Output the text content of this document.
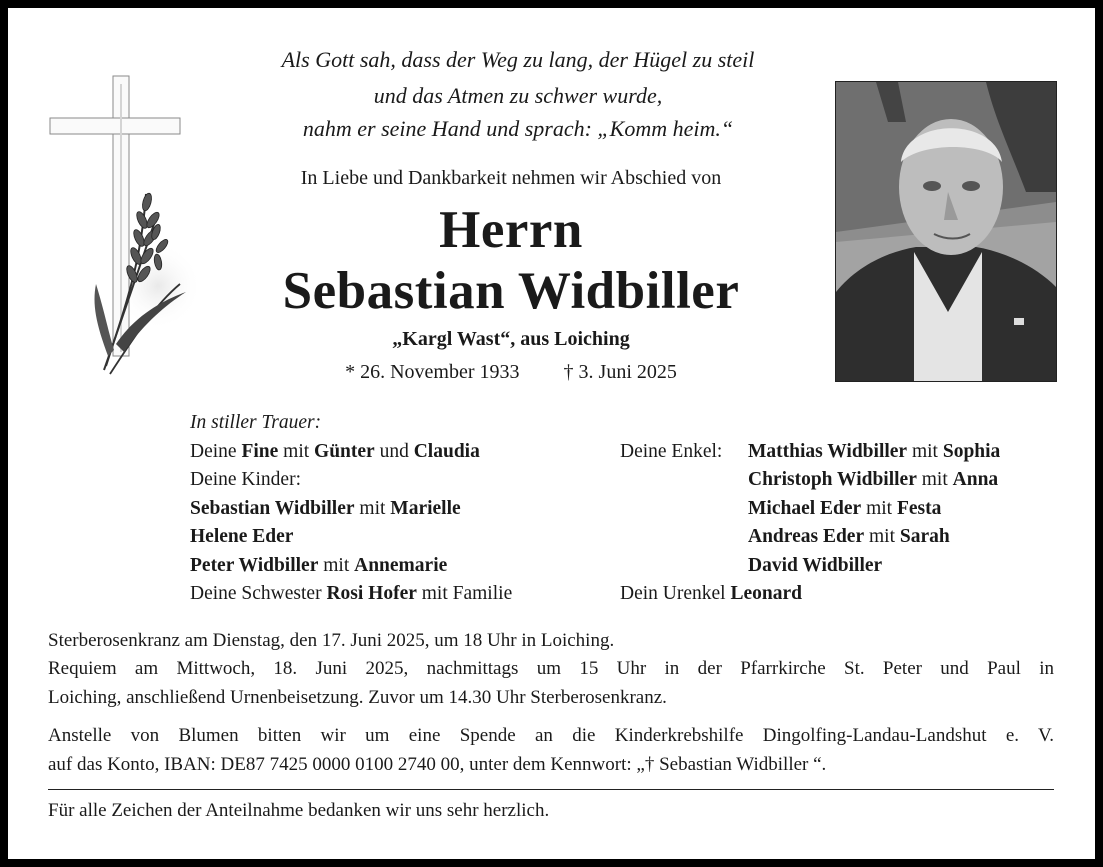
Als Gott sah, dass der Weg zu lang, der Hügel zu steil
und das Atmen zu schwer wurde,
nahm er seine Hand und sprach: „Komm heim.“
In Liebe und Dankbarkeit nehmen wir Abschied von
Herrn
Sebastian Widbiller
„Kargl Wast“, aus Loiching
* 26. November 1933 † 3. Juni 2025
In stiller Trauer:
Deine Fine mit Günter und Claudia
Deine Kinder:
Sebastian Widbiller mit Marielle
Helene Eder
Peter Widbiller mit Annemarie
Deine Schwester Rosi Hofer mit Familie
Deine Enkel: Matthias Widbiller mit Sophia
Christoph Widbiller mit Anna
Michael Eder mit Festa
Andreas Eder mit Sarah
David Widbiller
Dein Urenkel Leonard
Sterberosenkranz am Dienstag, den 17. Juni 2025, um 18 Uhr in Loiching.
Requiem am Mittwoch, 18. Juni 2025, nachmittags um 15 Uhr in der Pfarrkirche St. Peter und Paul in
Loiching, anschließend Urnenbeisetzung. Zuvor um 14.30 Uhr Sterberosenkranz.
Anstelle von Blumen bitten wir um eine Spende an die Kinderkrebshilfe Dingolfing-Landau-Landshut e. V.
auf das Konto, IBAN: DE87 7425 0000 0100 2740 00, unter dem Kennwort: „† Sebastian Widbiller “.
Für alle Zeichen der Anteilnahme bedanken wir uns sehr herzlich.
